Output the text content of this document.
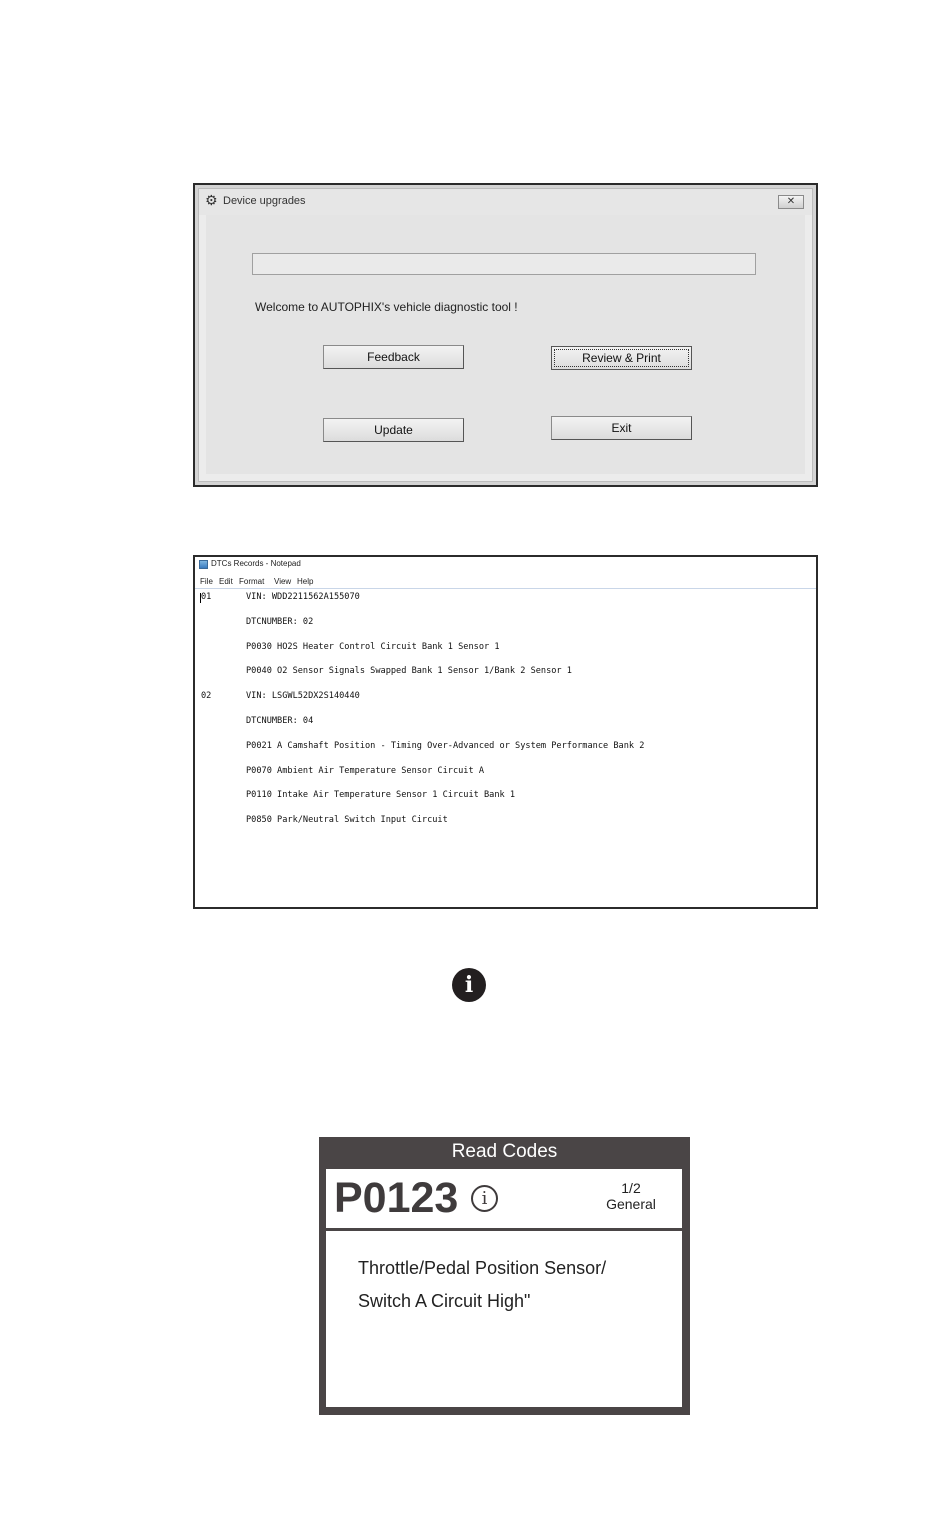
⚙ Device upgrades	✕
Welcome to AUTOPHIX's vehicle diagnostic tool !
Feedback	Review & Print
Update	Exit
DTCs Records - Notepad
File Edit Format View Help
01	VIN: WDD2211562A155070
DTCNUMBER: 02
P0030 HO2S Heater Control Circuit Bank 1 Sensor 1
P0040 O2 Sensor Signals Swapped Bank 1 Sensor 1/Bank 2 Sensor 1
02	VIN: LSGWL52DX2S140440
DTCNUMBER: 04
P0021 A Camshaft Position - Timing Over-Advanced or System Performance Bank 2
P0070 Ambient Air Temperature Sensor Circuit A
P0110 Intake Air Temperature Sensor 1 Circuit Bank 1
P0850 Park/Neutral Switch Input Circuit
i
Read Codes
P0123	i	1/2
General
Throttle/Pedal Position Sensor/
Switch A Circuit High"
